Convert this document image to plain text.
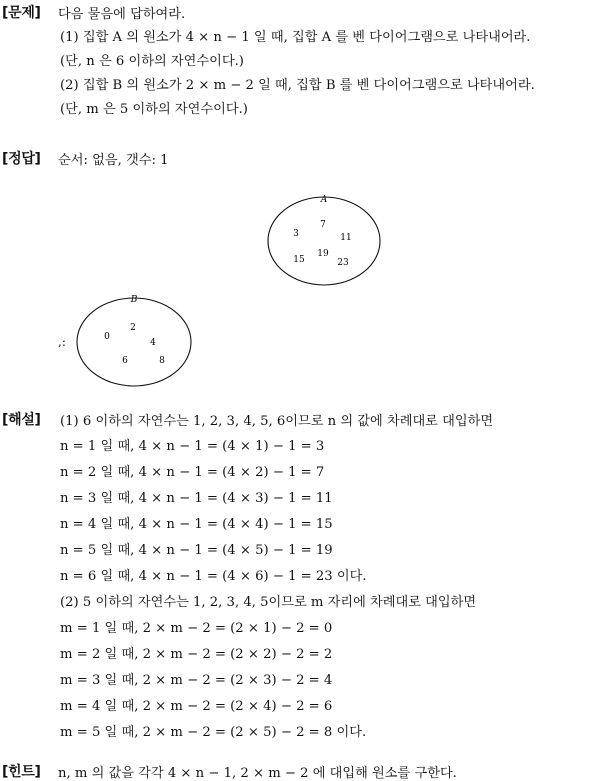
[문제] 다음 물음에 답하여라.
(1) 집합 A 의 원소가 4 × n − 1 일 때, 집합 A 를 벤 다이어그램으로 나타내어라.
(단, n 은 6 이하의 자연수이다.)
(2) 집합 B 의 원소가 2 × m − 2 일 때, 집합 B 를 벤 다이어그램으로 나타내어라.
(단, m 은 5 이하의 자연수이다.)
[정답] 순서: 없음, 갯수: 1
A
7
3	11
19
15	23
,:
B
2
0
4
6	8
[해설] (1) 6 이하의 자연수는 1, 2, 3, 4, 5, 6이므로 n 의 값에 차례대로 대입하면
n = 1 일 때, 4 × n − 1 = (4 × 1) − 1 = 3
n = 2 일 때, 4 × n − 1 = (4 × 2) − 1 = 7
n = 3 일 때, 4 × n − 1 = (4 × 3) − 1 = 11
n = 4 일 때, 4 × n − 1 = (4 × 4) − 1 = 15
n = 5 일 때, 4 × n − 1 = (4 × 5) − 1 = 19
n = 6 일 때, 4 × n − 1 = (4 × 6) − 1 = 23 이다.
(2) 5 이하의 자연수는 1, 2, 3, 4, 5이므로 m 자리에 차례대로 대입하면
m = 1 일 때, 2 × m − 2 = (2 × 1) − 2 = 0
m = 2 일 때, 2 × m − 2 = (2 × 2) − 2 = 2
m = 3 일 때, 2 × m − 2 = (2 × 3) − 2 = 4
m = 4 일 때, 2 × m − 2 = (2 × 4) − 2 = 6
m = 5 일 때, 2 × m − 2 = (2 × 5) − 2 = 8 이다.
[힌트] n, m 의 값을 각각 4 × n − 1, 2 × m − 2 에 대입해 원소를 구한다.
